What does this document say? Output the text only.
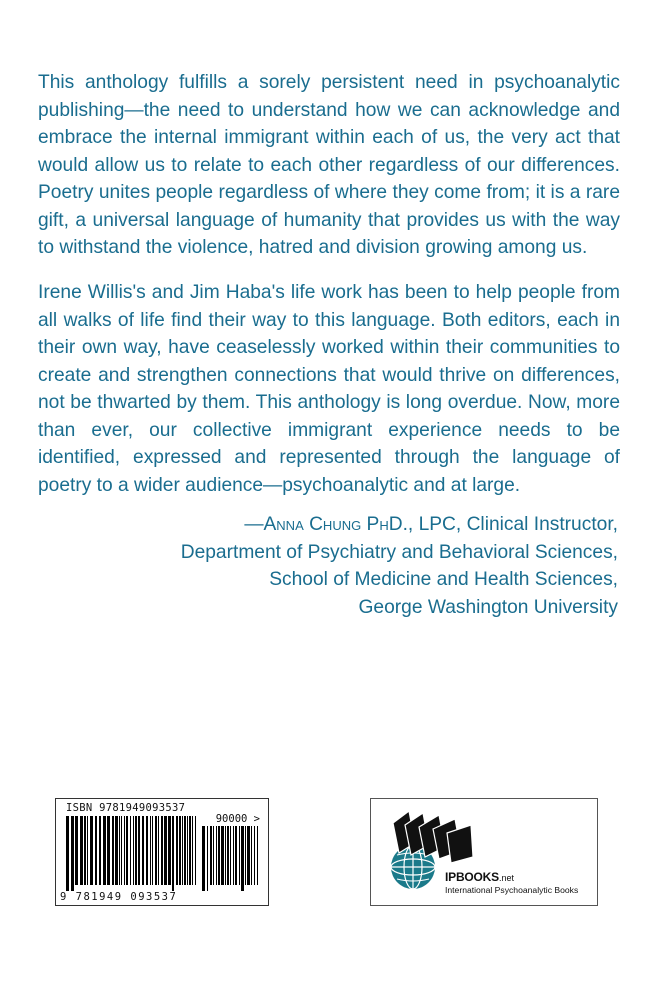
This anthology fulfills a sorely persistent need in psychoanalytic publishing—the need to understand how we can acknowledge and embrace the internal immigrant within each of us, the very act that would allow us to relate to each other regardless of our differences. Poetry unites people regardless of where they come from; it is a rare gift, a universal language of humanity that provides us with the way to withstand the violence, hatred and division growing among us.

Irene Willis's and Jim Haba's life work has been to help people from all walks of life find their way to this language. Both editors, each in their own way, have ceaselessly worked within their communities to create and strengthen connections that would thrive on differences, not be thwarted by them. This anthology is long overdue. Now, more than ever, our collective immigrant experience needs to be identified, expressed and represented through the language of poetry to a wider audience—psychoanalytic and at large.

—Anna Chung PhD., LPC, Clinical Instructor,
Department of Psychiatry and Behavioral Sciences,
School of Medicine and Health Sciences,
George Washington University
ISBN 9781949093537
90000 >
9 781949 093537
IPBOOKS.net
International Psychoanalytic Books
